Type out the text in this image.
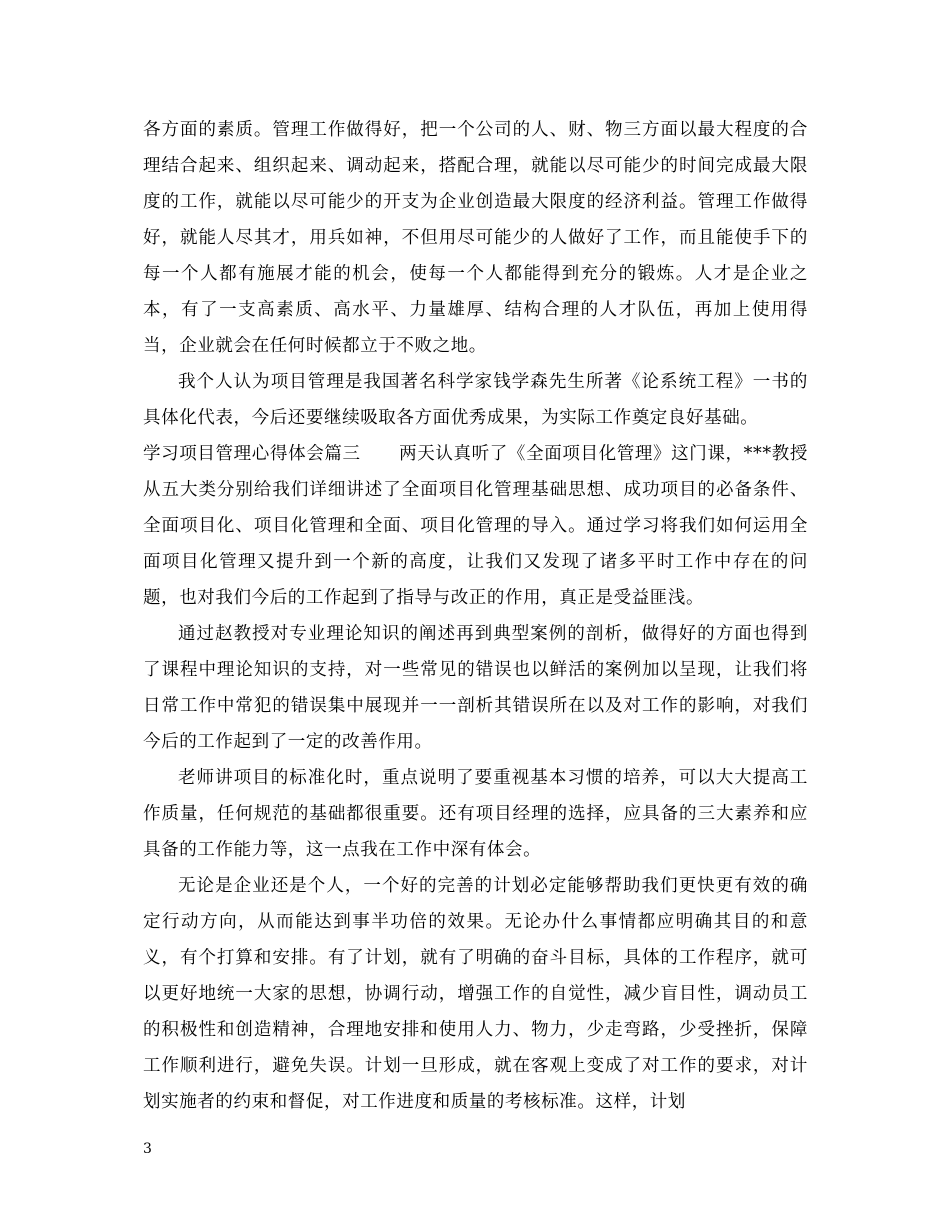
各方面的素质。管理工作做得好，把一个公司的人、财、物三方面以最大程度的合理结合起来、组织起来、调动起来，搭配合理，就能以尽可能少的时间完成最大限度的工作，就能以尽可能少的开支为企业创造最大限度的经济利益。管理工作做得好，就能人尽其才，用兵如神，不但用尽可能少的人做好了工作，而且能使手下的每一个人都有施展才能的机会，使每一个人都能得到充分的锻炼。人才是企业之本，有了一支高素质、高水平、力量雄厚、结构合理的人才队伍，再加上使用得当，企业就会在任何时候都立于不败之地。

我个人认为项目管理是我国著名科学家钱学森先生所著《论系统工程》一书的具体化代表，今后还要继续吸取各方面优秀成果，为实际工作奠定良好基础。

学习项目管理心得体会篇三 两天认真听了《全面项目化管理》这门课，***教授从五大类分别给我们详细讲述了全面项目化管理基础思想、成功项目的必备条件、全面项目化、项目化管理和全面、项目化管理的导入。通过学习将我们如何运用全面项目化管理又提升到一个新的高度，让我们又发现了诸多平时工作中存在的问题，也对我们今后的工作起到了指导与改正的作用，真正是受益匪浅。

通过赵教授对专业理论知识的阐述再到典型案例的剖析，做得好的方面也得到了课程中理论知识的支持，对一些常见的错误也以鲜活的案例加以呈现，让我们将日常工作中常犯的错误集中展现并一一剖析其错误所在以及对工作的影响，对我们今后的工作起到了一定的改善作用。

老师讲项目的标准化时，重点说明了要重视基本习惯的培养，可以大大提高工作质量，任何规范的基础都很重要。还有项目经理的选择，应具备的三大素养和应具备的工作能力等，这一点我在工作中深有体会。

无论是企业还是个人，一个好的完善的计划必定能够帮助我们更快更有效的确定行动方向，从而能达到事半功倍的效果。无论办什么事情都应明确其目的和意义，有个打算和安排。有了计划，就有了明确的奋斗目标，具体的工作程序，就可以更好地统一大家的思想，协调行动，增强工作的自觉性，减少盲目性，调动员工的积极性和创造精神，合理地安排和使用人力、物力，少走弯路，少受挫折，保障工作顺利进行，避免失误。计划一旦形成，就在客观上变成了对工作的要求，对计划实施者的约束和督促，对工作进度和质量的考核标准。这样，计划

3
